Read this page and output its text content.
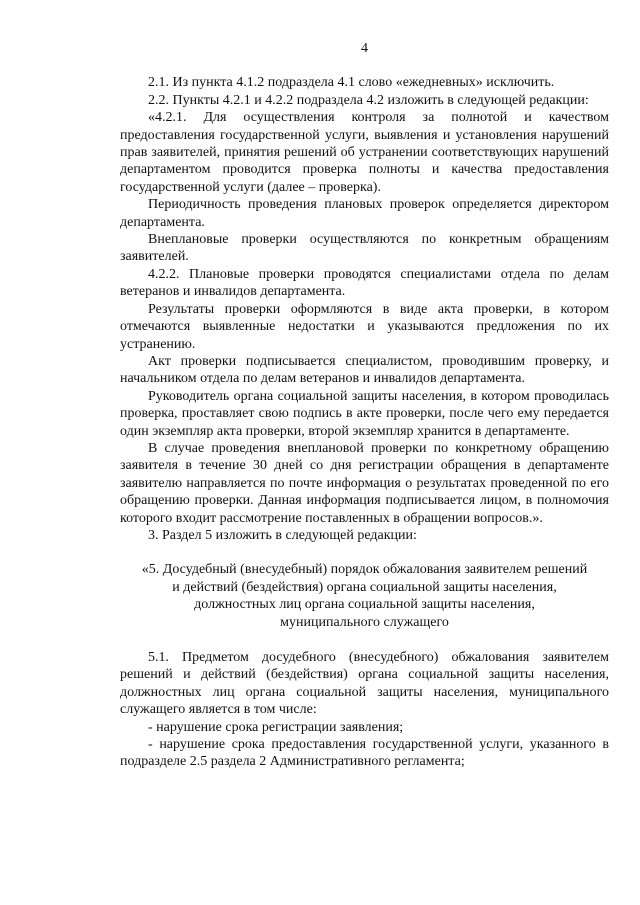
4

2.1. Из пункта 4.1.2 подраздела 4.1 слово «ежедневных» исключить.

2.2. Пункты 4.2.1 и 4.2.2 подраздела 4.2 изложить в следующей редакции:

«4.2.1. Для осуществления контроля за полнотой и качеством предоставления государственной услуги, выявления и установления нарушений прав заявителей, принятия решений об устранении соответствующих нарушений департаментом проводится проверка полноты и качества предоставления государственной услуги (далее – проверка).

Периодичность проведения плановых проверок определяется директором департамента.

Внеплановые проверки осуществляются по конкретным обращениям заявителей.

4.2.2. Плановые проверки проводятся специалистами отдела по делам ветеранов и инвалидов департамента.

Результаты проверки оформляются в виде акта проверки, в котором отмечаются выявленные недостатки и указываются предложения по их устранению.

Акт проверки подписывается специалистом, проводившим проверку, и начальником отдела по делам ветеранов и инвалидов департамента.

Руководитель органа социальной защиты населения, в котором проводилась проверка, проставляет свою подпись в акте проверки, после чего ему передается один экземпляр акта проверки, второй экземпляр хранится в департаменте.

В случае проведения внеплановой проверки по конкретному обращению заявителя в течение 30 дней со дня регистрации обращения в департаменте заявителю направляется по почте информация о результатах проведенной по его обращению проверки. Данная информация подписывается лицом, в полномочия которого входит рассмотрение поставленных в обращении вопросов.».

3. Раздел 5 изложить в следующей редакции:

«5. Досудебный (внесудебный) порядок обжалования заявителем решений
и действий (бездействия) органа социальной защиты населения,
должностных лиц органа социальной защиты населения,
муниципального служащего

5.1. Предметом досудебного (внесудебного) обжалования заявителем решений и действий (бездействия) органа социальной защиты населения, должностных лиц органа социальной защиты населения, муниципального служащего является в том числе:

- нарушение срока регистрации заявления;

- нарушение срока предоставления государственной услуги, указанного в подразделе 2.5 раздела 2 Административного регламента;
